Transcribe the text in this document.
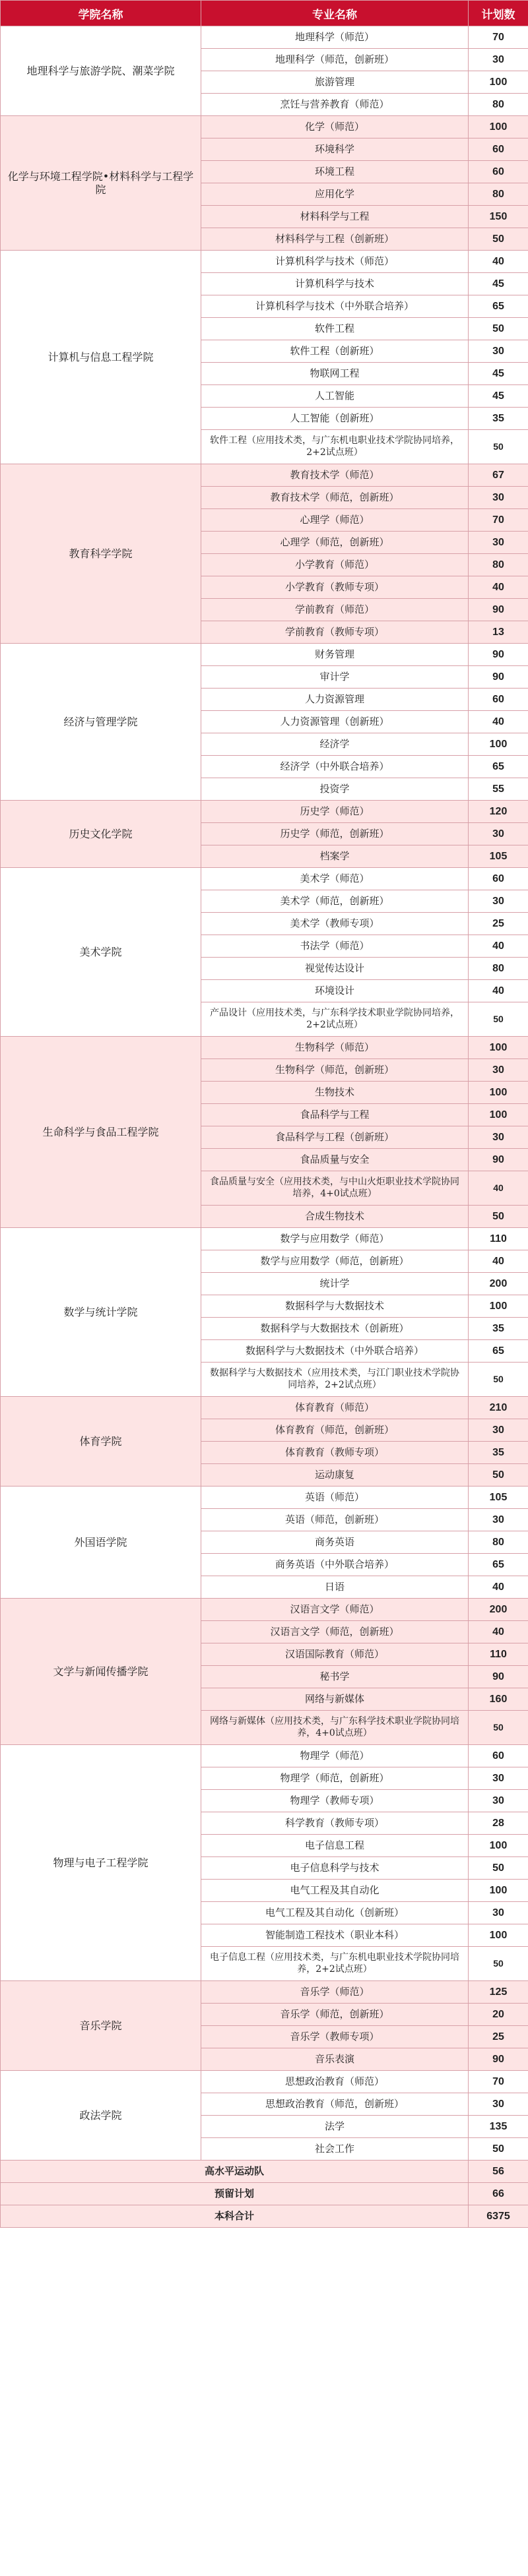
学院名称	专业名称	计划数
地理科学与旅游学院、潮菜学院	地理科学（师范）	70
	地理科学（师范，创新班）	30
	旅游管理	100
	烹饪与营养教育（师范）	80
化学与环境工程学院•材料科学与工程学院	化学（师范）	100
	环境科学	60
	环境工程	60
	应用化学	80
	材料科学与工程	150
	材料科学与工程（创新班）	50
计算机与信息工程学院	计算机科学与技术（师范）	40
	计算机科学与技术	45
	计算机科学与技术（中外联合培养）	65
	软件工程	50
	软件工程（创新班）	30
	物联网工程	45
	人工智能	45
	人工智能（创新班）	35
	软件工程（应用技术类，与广东机电职业技术学院协同培养，2+2试点班）	50
教育科学学院	教育技术学（师范）	67
	教育技术学（师范，创新班）	30
	心理学（师范）	70
	心理学（师范，创新班）	30
	小学教育（师范）	80
	小学教育（教师专项）	40
	学前教育（师范）	90
	学前教育（教师专项）	13
经济与管理学院	财务管理	90
	审计学	90
	人力资源管理	60
	人力资源管理（创新班）	40
	经济学	100
	经济学（中外联合培养）	65
	投资学	55
历史文化学院	历史学（师范）	120
	历史学（师范，创新班）	30
	档案学	105
美术学院	美术学（师范）	60
	美术学（师范，创新班）	30
	美术学（教师专项）	25
	书法学（师范）	40
	视觉传达设计	80
	环境设计	40
	产品设计（应用技术类，与广东科学技术职业学院协同培养，2+2试点班）	50
生命科学与食品工程学院	生物科学（师范）	100
	生物科学（师范，创新班）	30
	生物技术	100
	食品科学与工程	100
	食品科学与工程（创新班）	30
	食品质量与安全	90
	食品质量与安全（应用技术类，与中山火炬职业技术学院协同培养，4+0试点班）	40
	合成生物技术	50
数学与统计学院	数学与应用数学（师范）	110
	数学与应用数学（师范，创新班）	40
	统计学	200
	数据科学与大数据技术	100
	数据科学与大数据技术（创新班）	35
	数据科学与大数据技术（中外联合培养）	65
	数据科学与大数据技术（应用技术类，与江门职业技术学院协同培养，2+2试点班）	50
体育学院	体育教育（师范）	210
	体育教育（师范，创新班）	30
	体育教育（教师专项）	35
	运动康复	50
外国语学院	英语（师范）	105
	英语（师范，创新班）	30
	商务英语	80
	商务英语（中外联合培养）	65
	日语	40
文学与新闻传播学院	汉语言文学（师范）	200
	汉语言文学（师范，创新班）	40
	汉语国际教育（师范）	110
	秘书学	90
	网络与新媒体	160
	网络与新媒体（应用技术类，与广东科学技术职业学院协同培养，4+0试点班）	50
物理与电子工程学院	物理学（师范）	60
	物理学（师范，创新班）	30
	物理学（教师专项）	30
	科学教育（教师专项）	28
	电子信息工程	100
	电子信息科学与技术	50
	电气工程及其自动化	100
	电气工程及其自动化（创新班）	30
	智能制造工程技术（职业本科）	100
	电子信息工程（应用技术类，与广东机电职业技术学院协同培养，2+2试点班）	50
音乐学院	音乐学（师范）	125
	音乐学（师范，创新班）	20
	音乐学（教师专项）	25
	音乐表演	90
政法学院	思想政治教育（师范）	70
	思想政治教育（师范，创新班）	30
	法学	135
	社会工作	50
高水平运动队		56
预留计划		66
本科合计		6375
